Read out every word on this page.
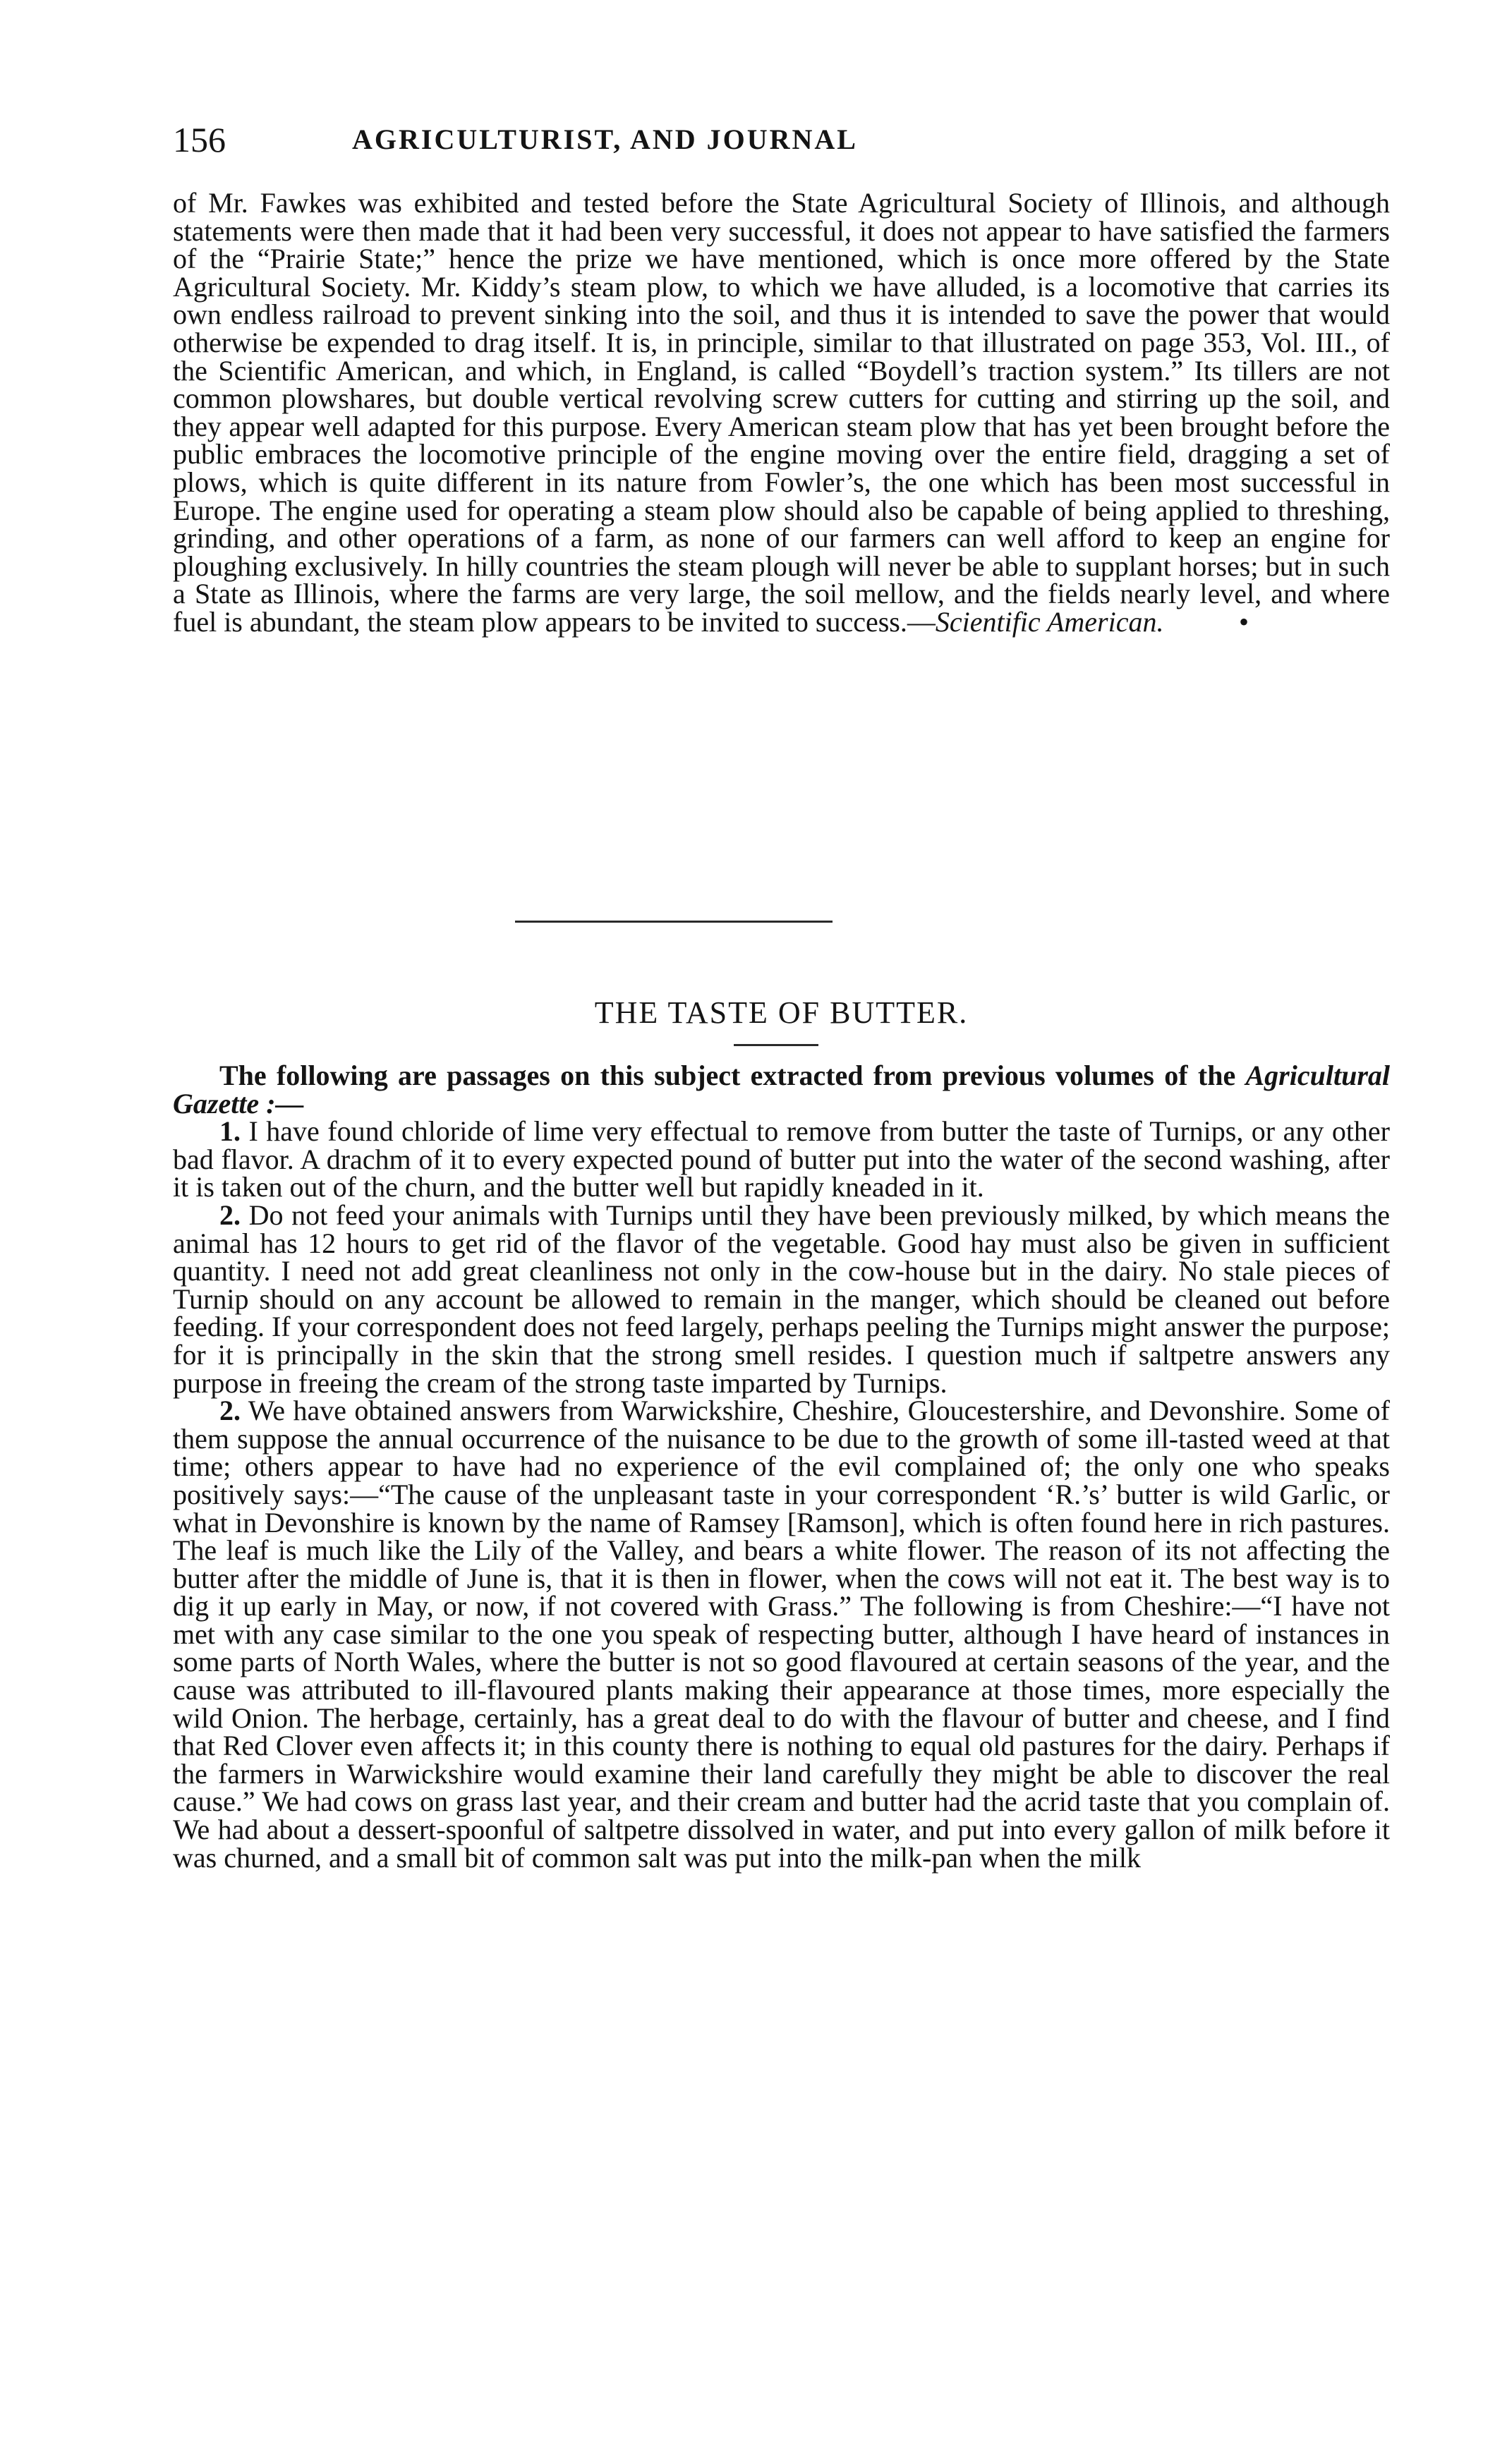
156	AGRICULTURIST, AND JOURNAL

of Mr. Fawkes was exhibited and tested before the State Agricultural Society of Illinois, and although statements were then made that it had been very successful, it does not appear to have satisfied the farmers of the “Prairie State;” hence the prize we have mentioned, which is once more offered by the State Agricultural Society. Mr. Kiddy’s steam plow, to which we have alluded, is a locomotive that carries its own endless railroad to prevent sinking into the soil, and thus it is intended to save the power that would otherwise be expended to drag itself. It is, in principle, similar to that illustrated on page 353, Vol. III., of the Scientific American, and which, in England, is called “Boydell’s traction system.” Its tillers are not common plowshares, but double vertical revolving screw cutters for cutting and stirring up the soil, and they appear well adapted for this purpose. Every American steam plow that has yet been brought before the public embraces the locomotive principle of the engine moving over the entire field, dragging a set of plows, which is quite different in its nature from Fowler’s, the one which has been most successful in Europe. The engine used for operating a steam plow should also be capable of being applied to threshing, grinding, and other operations of a farm, as none of our farmers can well afford to keep an engine for ploughing exclusively. In hilly countries the steam plough will never be able to supplant horses; but in such a State as Illinois, where the farms are very large, the soil mellow, and the fields nearly level, and where fuel is abundant, the steam plow appears to be invited to success.—Scientific American.	•

THE TASTE OF BUTTER.

The following are passages on this subject extracted from previous volumes of the Agricultural Gazette :—

1. I have found chloride of lime very effectual to remove from butter the taste of Turnips, or any other bad flavor. A drachm of it to every expected pound of butter put into the water of the second washing, after it is taken out of the churn, and the butter well but rapidly kneaded in it.

2. Do not feed your animals with Turnips until they have been previously milked, by which means the animal has 12 hours to get rid of the flavor of the vegetable. Good hay must also be given in sufficient quantity. I need not add great cleanliness not only in the cow-house but in the dairy. No stale pieces of Turnip should on any account be allowed to remain in the manger, which should be cleaned out before feeding. If your correspondent does not feed largely, perhaps peeling the Turnips might answer the purpose; for it is principally in the skin that the strong smell resides. I question much if saltpetre answers any purpose in freeing the cream of the strong taste imparted by Turnips.

2. We have obtained answers from Warwickshire, Cheshire, Gloucestershire, and Devonshire. Some of them suppose the annual occurrence of the nuisance to be due to the growth of some ill-tasted weed at that time; others appear to have had no experience of the evil complained of; the only one who speaks positively says:—“The cause of the unpleasant taste in your correspondent ‘R.’s’ butter is wild Garlic, or what in Devonshire is known by the name of Ramsey [Ramson], which is often found here in rich pastures. The leaf is much like the Lily of the Valley, and bears a white flower. The reason of its not affecting the butter after the middle of June is, that it is then in flower, when the cows will not eat it. The best way is to dig it up early in May, or now, if not covered with Grass.” The following is from Cheshire:—“I have not met with any case similar to the one you speak of respecting butter, although I have heard of instances in some parts of North Wales, where the butter is not so good flavoured at certain seasons of the year, and the cause was attributed to ill-flavoured plants making their appearance at those times, more especially the wild Onion. The herbage, certainly, has a great deal to do with the flavour of butter and cheese, and I find that Red Clover even affects it; in this county there is nothing to equal old pastures for the dairy. Perhaps if the farmers in Warwickshire would examine their land carefully they might be able to discover the real cause.” We had cows on grass last year, and their cream and butter had the acrid taste that you complain of. We had about a dessert-spoonful of saltpetre dissolved in water, and put into every gallon of milk before it was churned, and a small bit of common salt was put into the milk-pan when the milk
